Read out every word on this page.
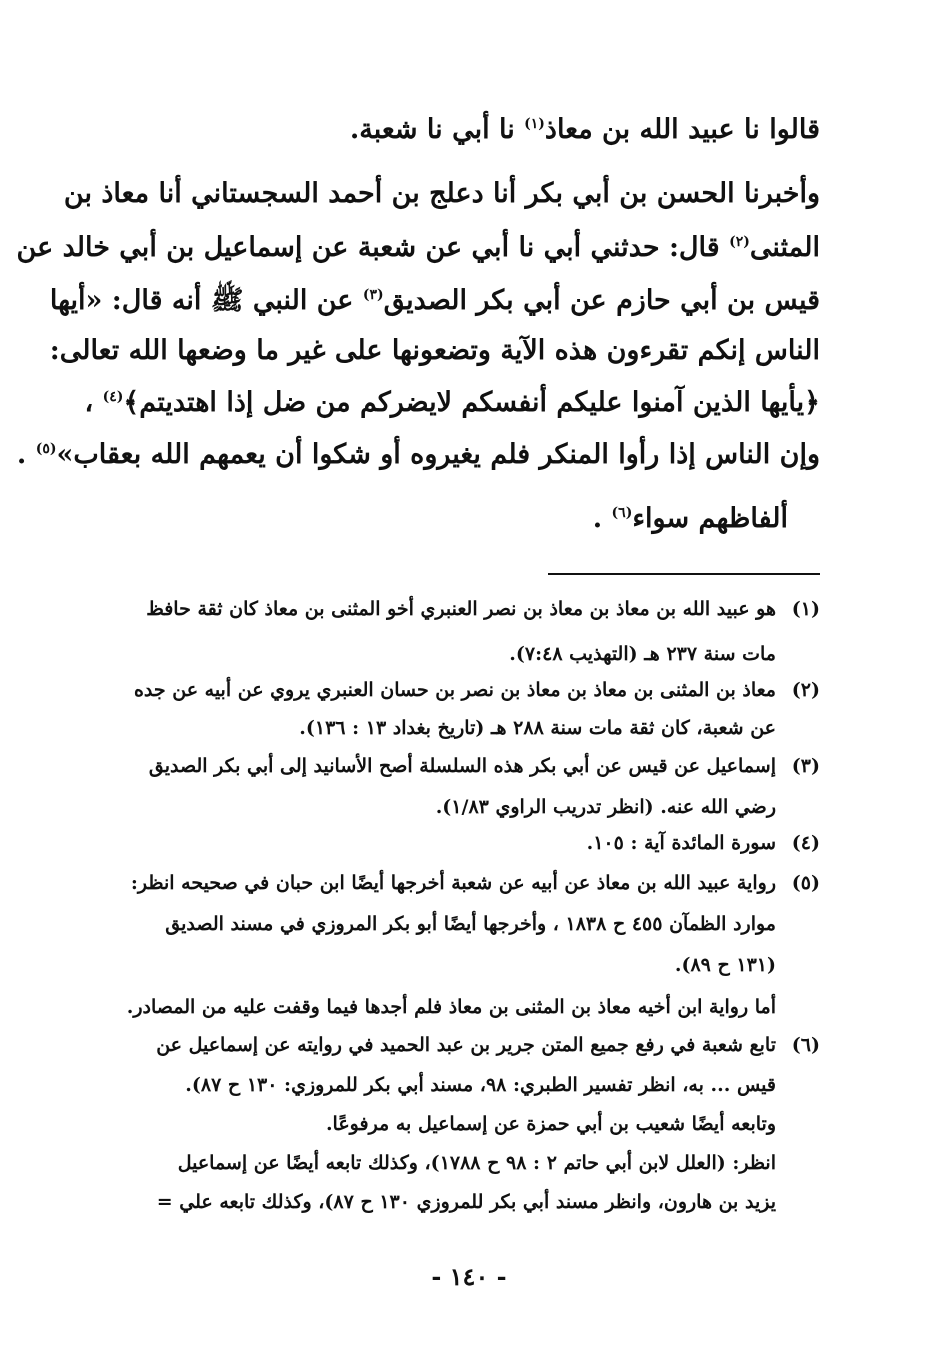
قالوا نا عبيد الله بن معاذ$^{(١)}$ نا أبي نا شعبة.
وأخبرنا الحسن بن أبي بكر أنا دعلج بن أحمد السجستاني أنا معاذ بن
المثنى$^{(٢)}$ قال: حدثني أبي نا أبي عن شعبة عن إسماعيل بن أبي خالد عن
قيس بن أبي حازم عن أبي بكر الصديق$^{(٣)}$ عن النبي ﷺ أنه قال: «أيها
الناس إنكم تقرءون هذه الآية وتضعونها على غير ما وضعها الله تعالى:
﴿يأيها الذين آمنوا عليكم أنفسكم لايضركم من ضل إذا اهتديتم﴾$^{(٤)}$ ،
وإن الناس إذا رأوا المنكر فلم يغيروه أو شكوا أن يعمهم الله بعقاب»$^{(٥)}$ .
ألفاظهم سواء$^{(٦)}$ .
(١)هو عبيد الله بن معاذ بن معاذ بن نصر العنبري أخو المثنى بن معاذ كان ثقة حافظ
مات سنة ٢٣٧ هـ (التهذيب ٧:٤٨).
(٢)معاذ بن المثنى بن معاذ بن معاذ بن نصر بن حسان العنبري يروي عن أبيه عن جده
عن شعبة، كان ثقة مات سنة ٢٨٨ هـ (تاريخ بغداد ١٣ : ١٣٦).
(٣)إسماعيل عن قيس عن أبي بكر هذه السلسلة أصح الأسانيد إلى أبي بكر الصديق
رضي الله عنه. (انظر تدريب الراوي ١/٨٣).
(٤)سورة المائدة آية : ١٠٥.
(٥)رواية عبيد الله بن معاذ عن أبيه عن شعبة أخرجها أيضًا ابن حبان في صحيحه انظر:
موارد الظمآن ٤٥٥ ح ١٨٣٨ ، وأخرجها أيضًا أبو بكر المروزي في مسند الصديق
(١٣١ ح ٨٩).
أما رواية ابن أخيه معاذ بن المثنى بن معاذ فلم أجدها فيما وقفت عليه من المصادر.
(٦)تابع شعبة في رفع جميع المتن جرير بن عبد الحميد في روايته عن إسماعيل عن
قيس ... به، انظر تفسير الطبري: ٩٨، مسند أبي بكر للمروزي: ١٣٠ ح ٨٧).
وتابعه أيضًا شعيب بن أبي حمزة عن إسماعيل به مرفوعًا.
انظر: (العلل لابن أبي حاتم ٢ : ٩٨ ح ١٧٨٨)، وكذلك تابعه أيضًا عن إسماعيل
يزيد بن هارون، وانظر مسند أبي بكر للمروزي ١٣٠ ح ٨٧)، وكذلك تابعه علي =
- ١٤٠ -
